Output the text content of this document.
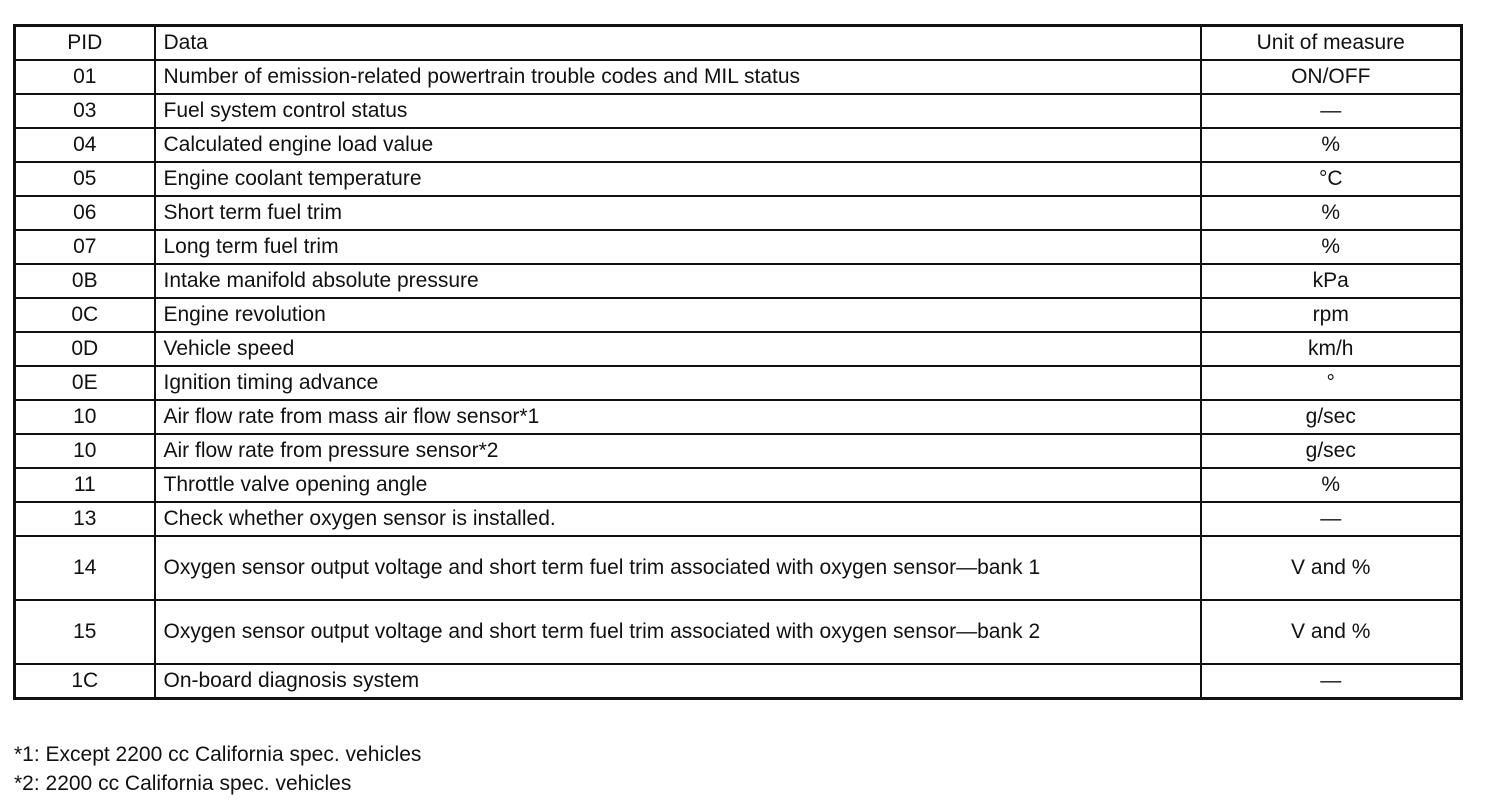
PID	Data	Unit of measure
01	Number of emission-related powertrain trouble codes and MIL status	ON/OFF
03	Fuel system control status	—
04	Calculated engine load value	%
05	Engine coolant temperature	°C
06	Short term fuel trim	%
07	Long term fuel trim	%
0B	Intake manifold absolute pressure	kPa
0C	Engine revolution	rpm
0D	Vehicle speed	km/h
0E	Ignition timing advance	°
10	Air flow rate from mass air flow sensor*1	g/sec
10	Air flow rate from pressure sensor*2	g/sec
11	Throttle valve opening angle	%
13	Check whether oxygen sensor is installed.	—
14	Oxygen sensor output voltage and short term fuel trim associated with oxygen sensor—bank 1	V and %
15	Oxygen sensor output voltage and short term fuel trim associated with oxygen sensor—bank 2	V and %
1C	On-board diagnosis system	—
*1: Except 2200 cc California spec. vehicles
*2: 2200 cc California spec. vehicles
